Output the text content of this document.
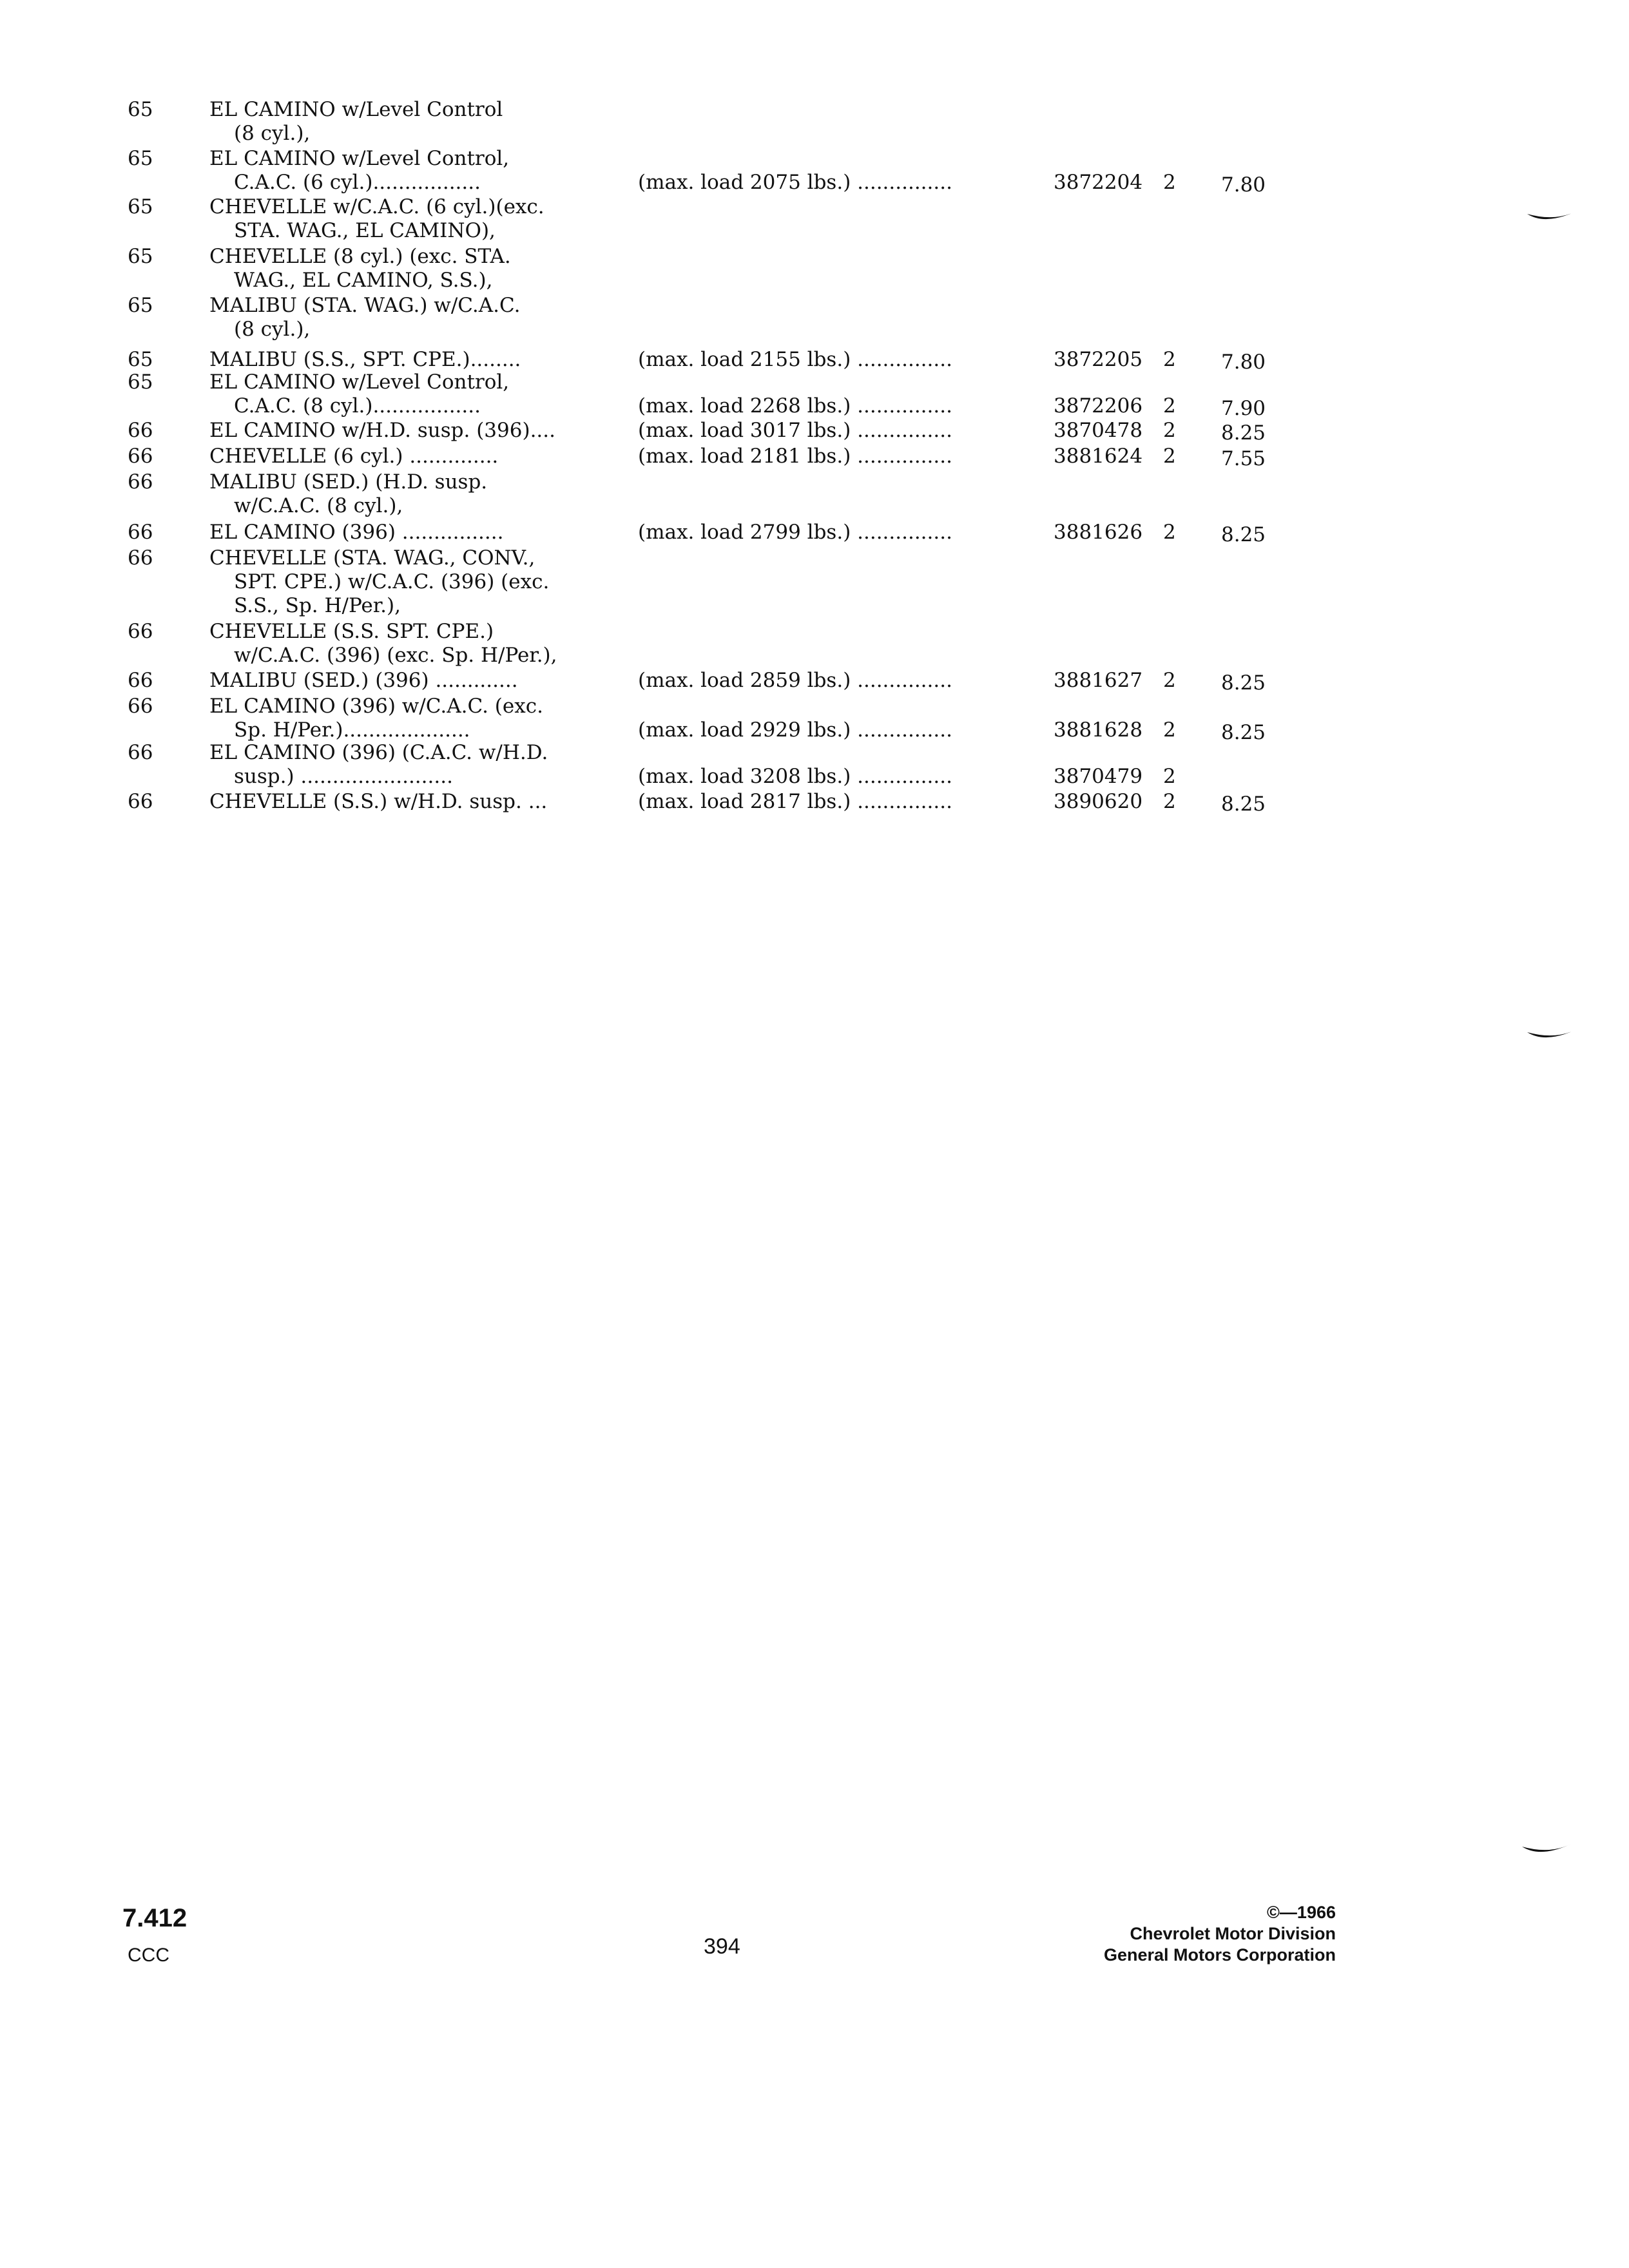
65	EL CAMINO w/Level Control
(8 cyl.),
65	EL CAMINO w/Level Control,
C.A.C. (6 cyl.).................	(max. load 2075 lbs.) ...............	3872204 2 7.80
65	CHEVELLE w/C.A.C. (6 cyl.)(exc.
STA. WAG., EL CAMINO),
65	CHEVELLE (8 cyl.) (exc. STA.
WAG., EL CAMINO, S.S.),
65	MALIBU (STA. WAG.) w/C.A.C.
(8 cyl.),
65	MALIBU (S.S., SPT. CPE.)........	(max. load 2155 lbs.) ...............	3872205 2 7.80
65	EL CAMINO w/Level Control,
C.A.C. (8 cyl.).................	(max. load 2268 lbs.) ...............	3872206 2 7.90
66	EL CAMINO w/H.D. susp. (396)....	(max. load 3017 lbs.) ...............	3870478 2 8.25
66	CHEVELLE (6 cyl.) ..............	(max. load 2181 lbs.) ...............	3881624 2 7.55
66	MALIBU (SED.) (H.D. susp.
w/C.A.C. (8 cyl.),
66	EL CAMINO (396) ................	(max. load 2799 lbs.) ...............	3881626 2 8.25
66	CHEVELLE (STA. WAG., CONV.,
SPT. CPE.) w/C.A.C. (396) (exc.
S.S., Sp. H/Per.),
66	CHEVELLE (S.S. SPT. CPE.)
w/C.A.C. (396) (exc. Sp. H/Per.),
66	MALIBU (SED.) (396) .............	(max. load 2859 lbs.) ...............	3881627 2 8.25
66	EL CAMINO (396) w/C.A.C. (exc.
Sp. H/Per.)....................	(max. load 2929 lbs.) ...............	3881628 2 8.25
66	EL CAMINO (396) (C.A.C. w/H.D.
susp.) ........................	(max. load 3208 lbs.) ...............	3870479 2
66	CHEVELLE (S.S.) w/H.D. susp. ...	(max. load 2817 lbs.) ...............	3890620 2 8.25
7.412
CCC	394
©—1966
Chevrolet Motor Division
General Motors Corporation
